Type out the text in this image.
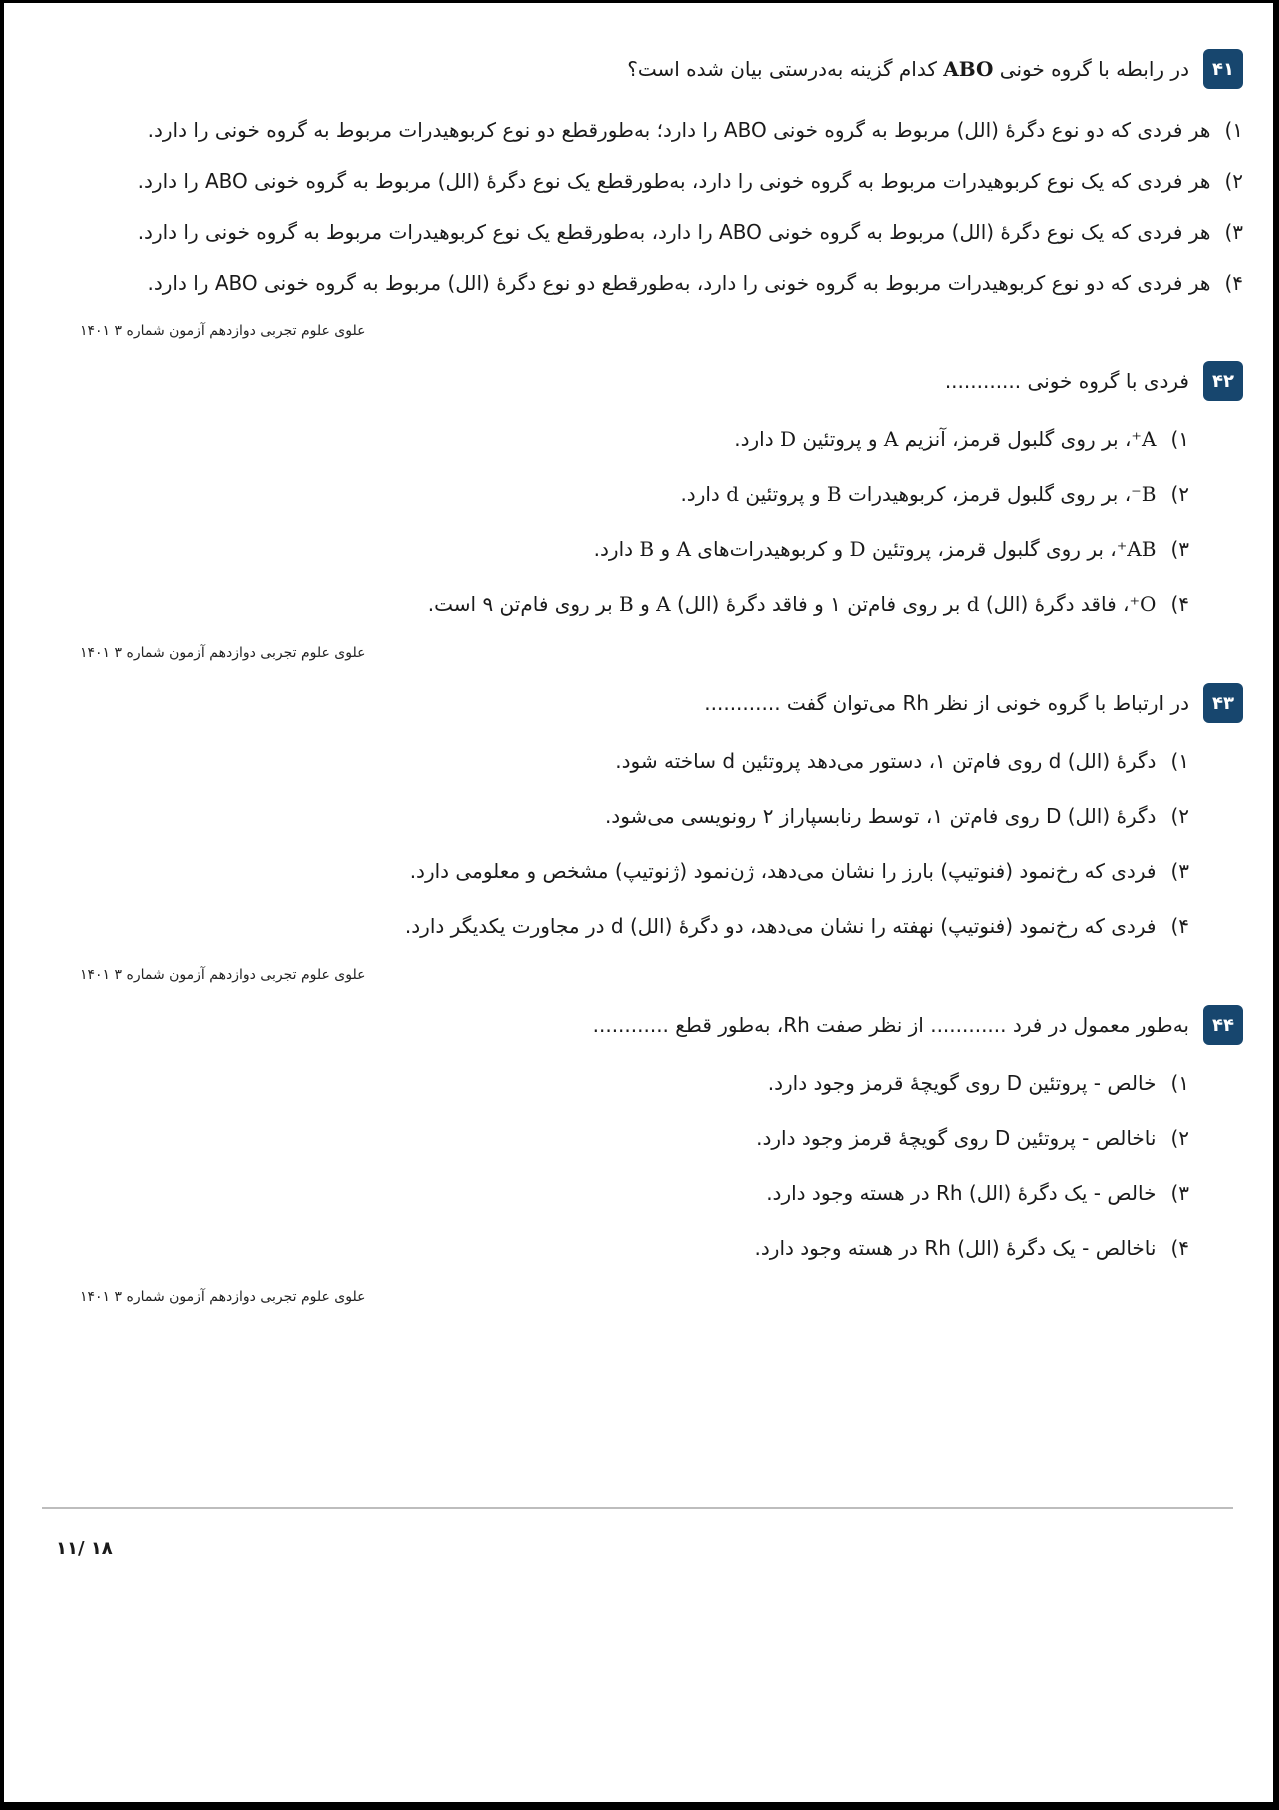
۴۱
در رابطه با گروه خونی ABO کدام گزینه به‌درستی بیان شده است؟

۱)هر فردی که دو نوع دگرهٔ (الل) مربوط به گروه خونی ABO را دارد؛ به‌طورقطع دو نوع کربوهیدرات مربوط به گروه خونی را دارد.

۲)هر فردی که یک نوع کربوهیدرات مربوط به گروه خونی را دارد، به‌طورقطع یک نوع دگرهٔ (الل) مربوط به گروه خونی ABO را دارد.

۳)هر فردی که یک نوع دگرهٔ (الل) مربوط به گروه خونی ABO را دارد، به‌طورقطع یک نوع کربوهیدرات مربوط به گروه خونی را دارد.

۴)هر فردی که دو نوع کربوهیدرات مربوط به گروه خونی را دارد، به‌طورقطع دو نوع دگرهٔ (الل) مربوط به گروه خونی ABO را دارد.

علوی علوم تجربی دوازدهم آزمون شماره ۳ ۱۴۰۱
۴۲
فردی با گروه خونی ............

۱)A⁺، بر روی گلبول قرمز، آنزیم A و پروتئین D دارد.

۲)B⁻، بر روی گلبول قرمز، کربوهیدرات B و پروتئین d دارد.

۳)AB⁺، بر روی گلبول قرمز، پروتئین D و کربوهیدرات‌های A و B دارد.

۴)O⁺، فاقد دگرهٔ (الل) d بر روی فام‌تن ۱ و فاقد دگرهٔ (الل) A و B بر روی فام‌تن ۹ است.

علوی علوم تجربی دوازدهم آزمون شماره ۳ ۱۴۰۱
۴۳
در ارتباط با گروه خونی از نظر Rh می‌توان گفت ............

۱)دگرهٔ (الل) d روی فام‌تن ۱، دستور می‌دهد پروتئین d ساخته شود.

۲)دگرهٔ (الل) D روی فام‌تن ۱، توسط رنابسپاراز ۲ رونویسی می‌شود.

۳)فردی که رخ‌نمود (فنوتیپ) بارز را نشان می‌دهد، ژن‌نمود (ژنوتیپ) مشخص و معلومی دارد.

۴)فردی که رخ‌نمود (فنوتیپ) نهفته را نشان می‌دهد، دو دگرهٔ (الل) d در مجاورت یکدیگر دارد.

علوی علوم تجربی دوازدهم آزمون شماره ۳ ۱۴۰۱
۴۴
به‌طور معمول در فرد ............ از نظر صفت Rh، به‌طور قطع ............

۱)خالص - پروتئین D روی گویچهٔ قرمز وجود دارد.

۲)ناخالص - پروتئین D روی گویچهٔ قرمز وجود دارد.

۳)خالص - یک دگرهٔ (الل) Rh در هسته وجود دارد.

۴)ناخالص - یک دگرهٔ (الل) Rh در هسته وجود دارد.

علوی علوم تجربی دوازدهم آزمون شماره ۳ ۱۴۰۱
۱۱/ ۱۸
